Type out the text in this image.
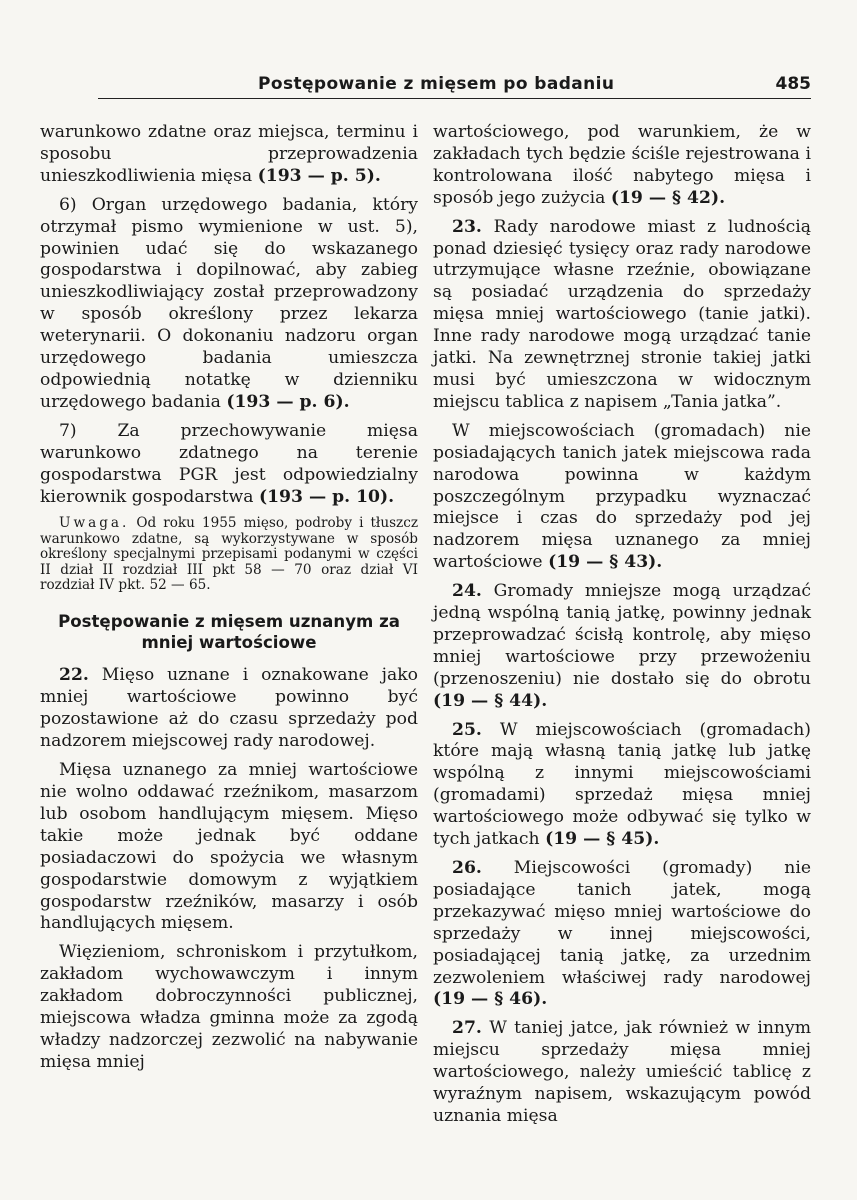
Postępowanie z mięsem po badaniu	485

warunkowo zdatne oraz miejsca, terminu i sposobu przeprowadzenia unieszkodliwienia mięsa (193 — p. 5).

6) Organ urzędowego badania, który otrzymał pismo wymienione w ust. 5), powinien udać się do wskazanego gospodarstwa i dopilnować, aby zabieg unieszkodliwiający został przeprowadzony w sposób określony przez lekarza weterynarii. O dokonaniu nadzoru organ urzędowego badania umieszcza odpowiednią notatkę w dzienniku urzędowego badania (193 — p. 6).

7) Za przechowywanie mięsa warunkowo zdatnego na terenie gospodarstwa PGR jest odpowiedzialny kierownik gospodarstwa (193 — p. 10).

Uwaga. Od roku 1955 mięso, podroby i tłuszcz warunkowo zdatne, są wykorzystywane w sposób określony specjalnymi przepisami podanymi w części II dział II rozdział III pkt 58 — 70 oraz dział VI rozdział IV pkt. 52 — 65.

Postępowanie z mięsem uznanym za mniej wartościowe

22. Mięso uznane i oznakowane jako mniej wartościowe powinno być pozostawione aż do czasu sprzedaży pod nadzorem miejscowej rady narodowej.

Mięsa uznanego za mniej wartościowe nie wolno oddawać rzeźnikom, masarzom lub osobom handlującym mięsem. Mięso takie może jednak być oddane posiadaczowi do spożycia we własnym gospodarstwie domowym z wyjątkiem gospodarstw rzeźników, masarzy i osób handlujących mięsem.

Więzieniom, schroniskom i przytułkom, zakładom wychowawczym i innym zakładom dobroczynności publicznej, miejscowa władza gminna może za zgodą władzy nadzorczej zezwolić na nabywanie mięsa mniej

wartościowego, pod warunkiem, że w zakładach tych będzie ściśle rejestrowana i kontrolowana ilość nabytego mięsa i sposób jego zużycia (19 — § 42).

23. Rady narodowe miast z ludnością ponad dziesięć tysięcy oraz rady narodowe utrzymujące własne rzeźnie, obowiązane są posiadać urządzenia do sprzedaży mięsa mniej wartościowego (tanie jatki). Inne rady narodowe mogą urządzać tanie jatki. Na zewnętrznej stronie takiej jatki musi być umieszczona w widocznym miejscu tablica z napisem „Tania jatka”.

W miejscowościach (gromadach) nie posiadających tanich jatek miejscowa rada narodowa powinna w każdym poszczególnym przypadku wyznaczać miejsce i czas do sprzedaży pod jej nadzorem mięsa uznanego za mniej wartościowe (19 — § 43).

24. Gromady mniejsze mogą urządzać jedną wspólną tanią jatkę, powinny jednak przeprowadzać ścisłą kontrolę, aby mięso mniej wartościowe przy przewożeniu (przenoszeniu) nie dostało się do obrotu (19 — § 44).

25. W miejscowościach (gromadach) które mają własną tanią jatkę lub jatkę wspólną z innymi miejscowościami (gromadami) sprzedaż mięsa mniej wartościowego może odbywać się tylko w tych jatkach (19 — § 45).

26. Miejscowości (gromady) nie posiadające tanich jatek, mogą przekazywać mięso mniej wartościowe do sprzedaży w innej miejscowości, posiadającej tanią jatkę, za urzednim zezwoleniem właściwej rady narodowej (19 — § 46).

27. W taniej jatce, jak również w innym miejscu sprzedaży mięsa mniej wartościowego, należy umieścić tablicę z wyraźnym napisem, wskazującym powód uznania mięsa
